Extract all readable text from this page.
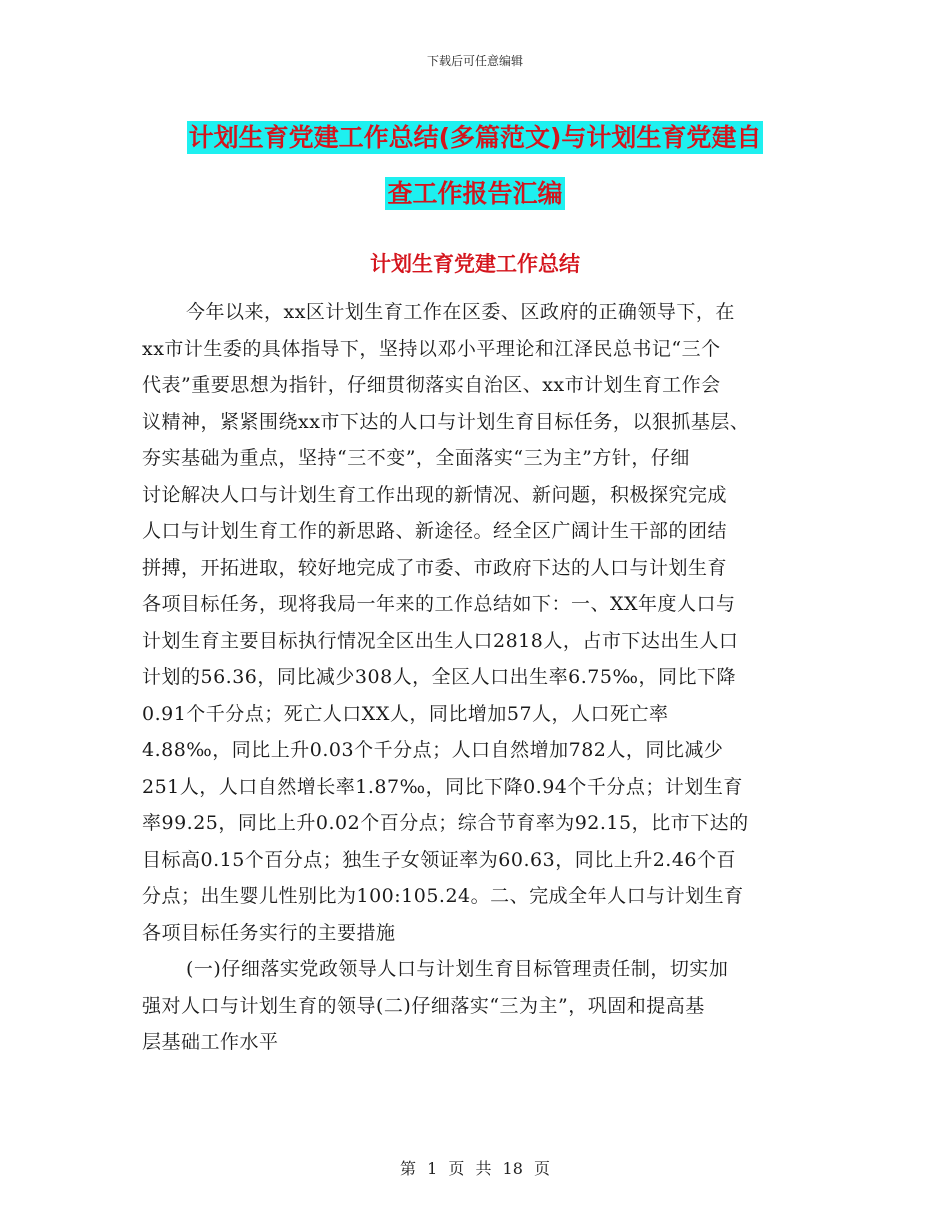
下载后可任意编辑
计划生育党建工作总结(多篇范文)与计划生育党建自
查工作报告汇编
计划生育党建工作总结
今年以来，xx区计划生育工作在区委、区政府的正确领导下，在
xx市计生委的具体指导下，坚持以邓小平理论和江泽民总书记“三个
代表”重要思想为指针，仔细贯彻落实自治区、xx市计划生育工作会
议精神，紧紧围绕xx市下达的人口与计划生育目标任务，以狠抓基层、
夯实基础为重点，坚持“三不变”，全面落实“三为主”方针，仔细
讨论解决人口与计划生育工作出现的新情况、新问题，积极探究完成
人口与计划生育工作的新思路、新途径。经全区广阔计生干部的团结
拼搏，开拓进取，较好地完成了市委、市政府下达的人口与计划生育
各项目标任务，现将我局一年来的工作总结如下：一、XX年度人口与
计划生育主要目标执行情况全区出生人口2818人，占市下达出生人口
计划的56.36，同比减少308人，全区人口出生率6.75‰，同比下降
0.91个千分点；死亡人口XX人，同比增加57人，人口死亡率
4.88‰，同比上升0.03个千分点；人口自然增加782人，同比减少
251人，人口自然增长率1.87‰，同比下降0.94个千分点；计划生育
率99.25，同比上升0.02个百分点；综合节育率为92.15，比市下达的
目标高0.15个百分点；独生子女领证率为60.63，同比上升2.46个百
分点；出生婴儿性别比为100:105.24。二、完成全年人口与计划生育
各项目标任务实行的主要措施
(一)仔细落实党政领导人口与计划生育目标管理责任制，切实加
强对人口与计划生育的领导(二)仔细落实“三为主”，巩固和提高基
层基础工作水平
第 1 页 共 18 页
